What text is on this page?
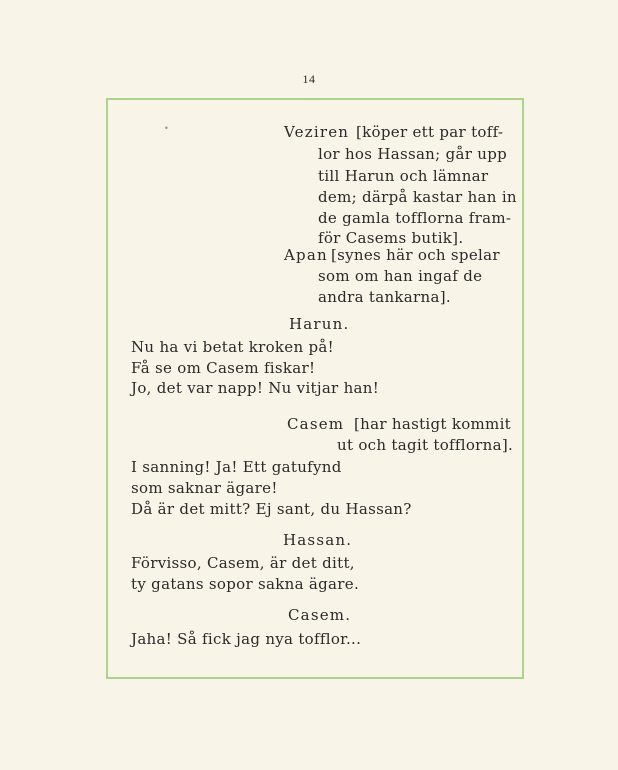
14
•	Veziren [köper ett par toff-
lor hos Hassan; går upp
till Harun och lämnar
dem; därpå kastar han in
de gamla tofflorna fram-
för Casems butik].
Apan [synes här och spelar
som om han ingaf de
andra tankarna].
Harun.
Nu ha vi betat kroken på!
Få se om Casem fiskar!
Jo, det var napp! Nu vitjar han!
Casem [har hastigt kommit
ut och tagit tofflorna].
I sanning! Ja! Ett gatufynd
som saknar ägare!
Då är det mitt? Ej sant, du Hassan?
Hassan.
Förvisso, Casem, är det ditt,
ty gatans sopor sakna ägare.
Casem.
Jaha! Så fick jag nya tofflor...
